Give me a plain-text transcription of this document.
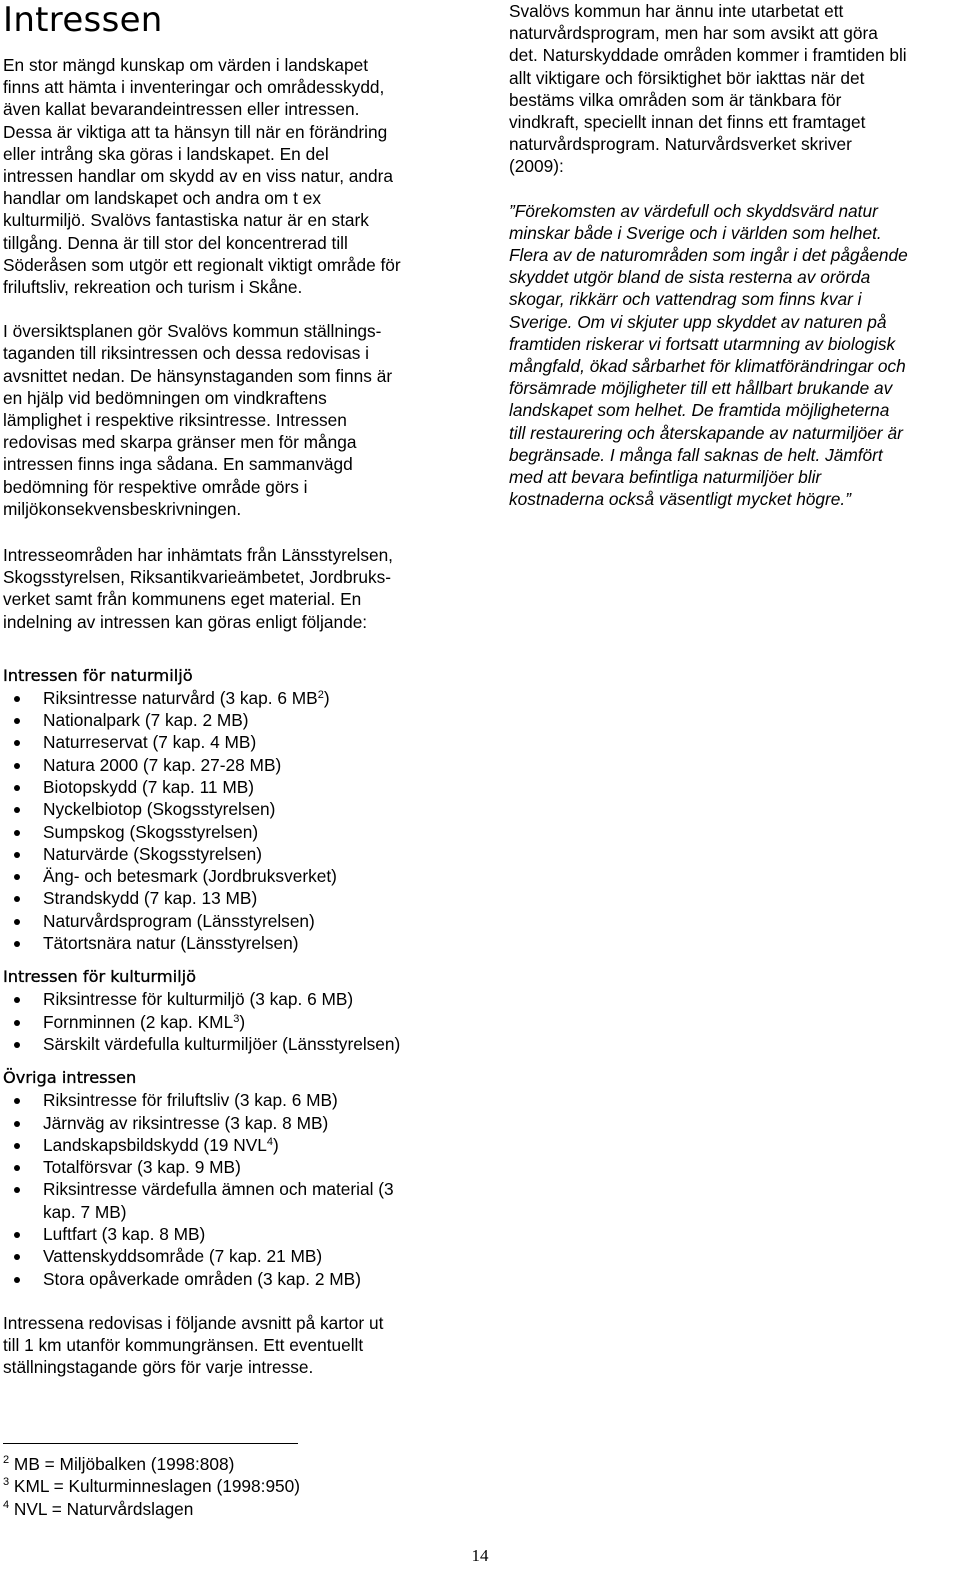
Intressen

En stor mängd kunskap om värden i landskapet
finns att hämta i inventeringar och områdesskydd,
även kallat bevarandeintressen eller intressen.
Dessa är viktiga att ta hänsyn till när en förändring
eller intrång ska göras i landskapet. En del
intressen handlar om skydd av en viss natur, andra
handlar om landskapet och andra om t ex
kulturmiljö. Svalövs fantastiska natur är en stark
tillgång. Denna är till stor del koncentrerad till
Söderåsen som utgör ett regionalt viktigt område för
friluftsliv, rekreation och turism i Skåne.

I översiktsplanen gör Svalövs kommun ställnings-
taganden till riksintressen och dessa redovisas i
avsnittet nedan. De hänsynstaganden som finns är
en hjälp vid bedömningen om vindkraftens
lämplighet i respektive riksintresse. Intressen
redovisas med skarpa gränser men för många
intressen finns inga sådana. En sammanvägd
bedömning för respektive område görs i
miljökonsekvensbeskrivningen.

Svalövs kommun har ännu inte utarbetat ett
naturvårdsprogram, men har som avsikt att göra
det. Naturskyddade områden kommer i framtiden bli
allt viktigare och försiktighet bör iakttas när det
bestäms vilka områden som är tänkbara för
vindkraft, speciellt innan det finns ett framtaget
naturvårdsprogram. Naturvårdsverket skriver
(2009):

”Förekomsten av värdefull och skyddsvärd natur
minskar både i Sverige och i världen som helhet.
Flera av de naturområden som ingår i det pågående
skyddet utgör bland de sista resterna av orörda
skogar, rikkärr och vattendrag som finns kvar i
Sverige. Om vi skjuter upp skyddet av naturen på
framtiden riskerar vi fortsatt utarmning av biologisk
mångfald, ökad sårbarhet för klimatförändringar och
försämrade möjligheter till ett hållbart brukande av
landskapet som helhet. De framtida möjligheterna
till restaurering och återskapande av naturmiljöer är
begränsade. I många fall saknas de helt. Jämfört
med att bevara befintliga naturmiljöer blir
kostnaderna också väsentligt mycket högre.”

Intresseområden har inhämtats från Länsstyrelsen,
Skogsstyrelsen, Riksantikvarieämbetet, Jordbruks-
verket samt från kommunens eget material. En
indelning av intressen kan göras enligt följande:

Intressen för naturmiljö
Riksintresse naturvård (3 kap. 6 $MB^2$)
Nationalpark (7 kap. 2 MB)
Naturreservat (7 kap. 4 MB)
Natura 2000 (7 kap. 27-28 MB)
Biotopskydd (7 kap. 11 MB)
Nyckelbiotop (Skogsstyrelsen)
Sumpskog (Skogsstyrelsen)
Naturvärde (Skogsstyrelsen)
Äng- och betesmark (Jordbruksverket)
Strandskydd (7 kap. 13 MB)
Naturvårdsprogram (Länsstyrelsen)
Tätortsnära natur (Länsstyrelsen)
Intressen för kulturmiljö
Riksintresse för kulturmiljö (3 kap. 6 MB)
Fornminnen (2 kap. KML$^3$)
Särskilt värdefulla kulturmiljöer (Länsstyrelsen)
Övriga intressen
Riksintresse för friluftsliv (3 kap. 6 MB)
Järnväg av riksintresse (3 kap. 8 MB)
Landskapsbildskydd (19 NVL$^4$)
Totalförsvar (3 kap. 9 MB)
Riksintresse värdefulla ämnen och material (3
kap. 7 MB)
Luftfart (3 kap. 8 MB)
Vattenskyddsområde (7 kap. 21 MB)
Stora opåverkade områden (3 kap. 2 MB)

Intressena redovisas i följande avsnitt på kartor ut
till 1 km utanför kommungränsen. Ett eventuellt
ställningstagande görs för varje intresse.

$^2$ MB = Miljöbalken (1998:808)
$^3$ KML = Kulturminneslagen (1998:950)
$^4$ NVL = Naturvårdslagen
14
